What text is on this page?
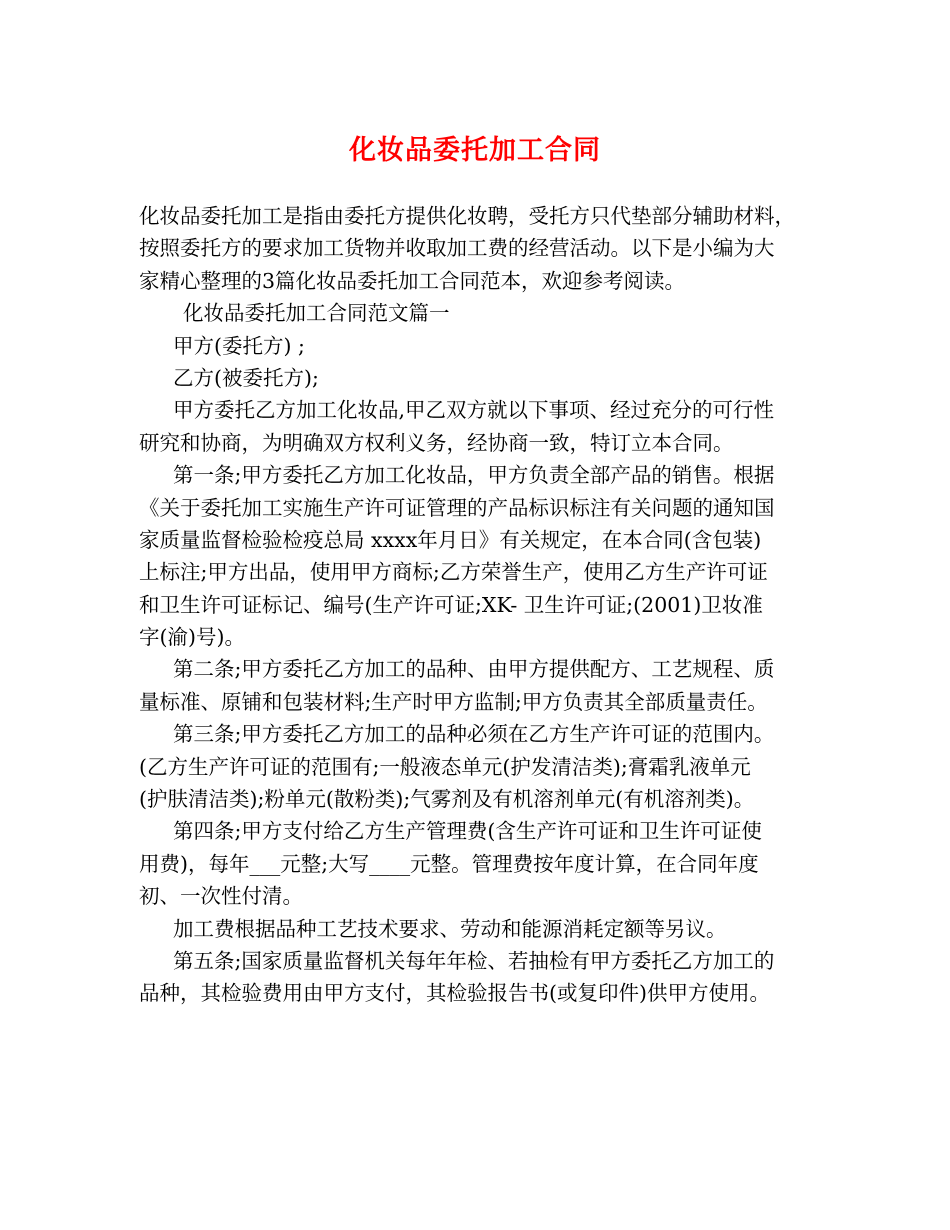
化妆品委托加工合同
化妆品委托加工是指由委托方提供化妆聘，受托方只代垫部分辅助材料，
按照委托方的要求加工货物并收取加工费的经营活动。以下是小编为大
家精心整理的3篇化妆品委托加工合同范本，欢迎参考阅读。
化妆品委托加工合同范文篇一
甲方(委托方) ;
乙方(被委托方);
甲方委托乙方加工化妆品,甲乙双方就以下事项、经过充分的可行性
研究和协商，为明确双方权利义务，经协商一致，特订立本合同。
第一条;甲方委托乙方加工化妆品，甲方负责全部产品的销售。根据
《关于委托加工实施生产许可证管理的产品标识标注有关问题的通知国
家质量监督检验检疫总局 xxxx年月日》有关规定，在本合同(含包装)
上标注;甲方出品，使用甲方商标;乙方荣誉生产，使用乙方生产许可证
和卫生许可证标记、编号(生产许可证;XK- 卫生许可证;(2001)卫妆准
字(渝)号)。
第二条;甲方委托乙方加工的品种、由甲方提供配方、工艺规程、质
量标准、原铺和包装材料;生产时甲方监制;甲方负责其全部质量责任。
第三条;甲方委托乙方加工的品种必须在乙方生产许可证的范围内。
(乙方生产许可证的范围有;一般液态单元(护发清洁类);膏霜乳液单元
(护肤清洁类);粉单元(散粉类);气雾剂及有机溶剂单元(有机溶剂类)。
第四条;甲方支付给乙方生产管理费(含生产许可证和卫生许可证使
用费)，每年___元整;大写____元整。管理费按年度计算，在合同年度
初、一次性付清。
加工费根据品种工艺技术要求、劳动和能源消耗定额等另议。
第五条;国家质量监督机关每年年检、若抽检有甲方委托乙方加工的
品种，其检验费用由甲方支付，其检验报告书(或复印件)供甲方使用。
